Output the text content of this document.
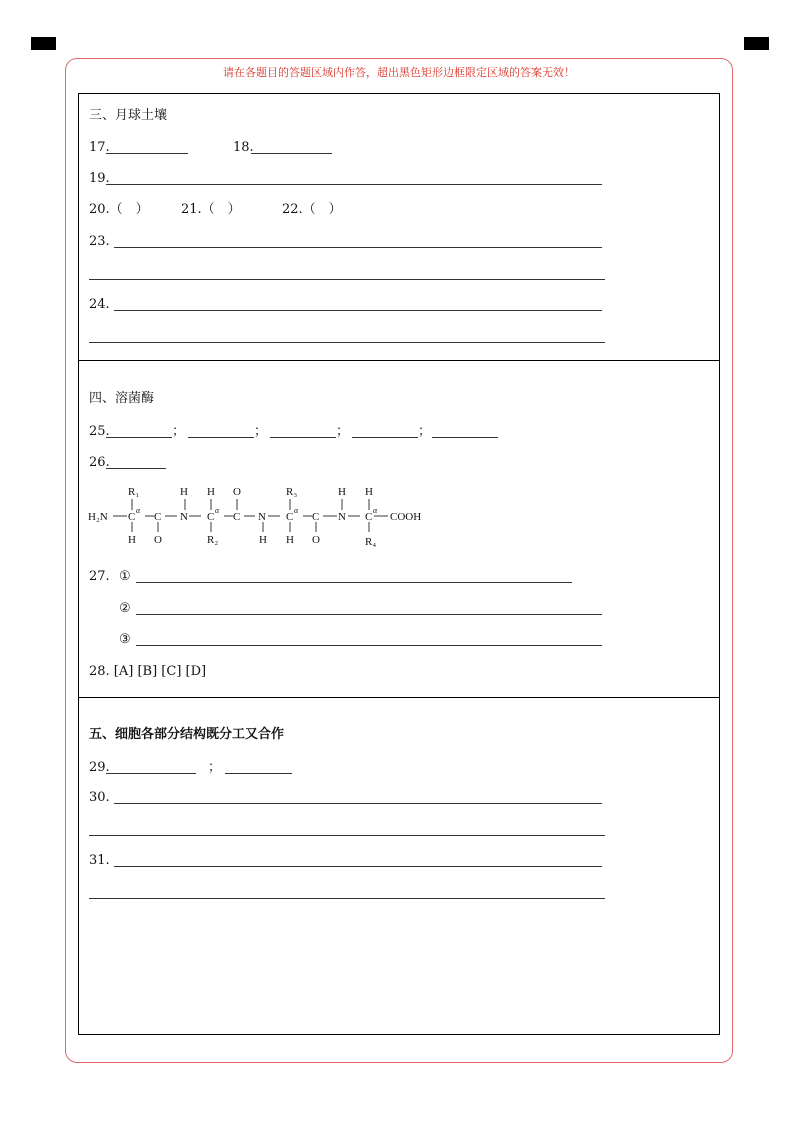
请在各题目的答题区域内作答，超出黑色矩形边框限定区域的答案无效！
三、月球土壤
17.	18.
19.
20.（　） 21.（　）	22.（　）
23.
24.
四、溶菌酶
25.	；	；	；	；
26.
H₂N
R₁
C
α
H
C
O
H
N
H
C
α
R₂
O
C N
H
R₃
C
α
H
C
O
H
N
H
C
α
R₄
COOH
27. ①
②
③
28. [A] [B] [C] [D]
五、细胞各部分结构既分工又合作
29.	；
30.
31.
